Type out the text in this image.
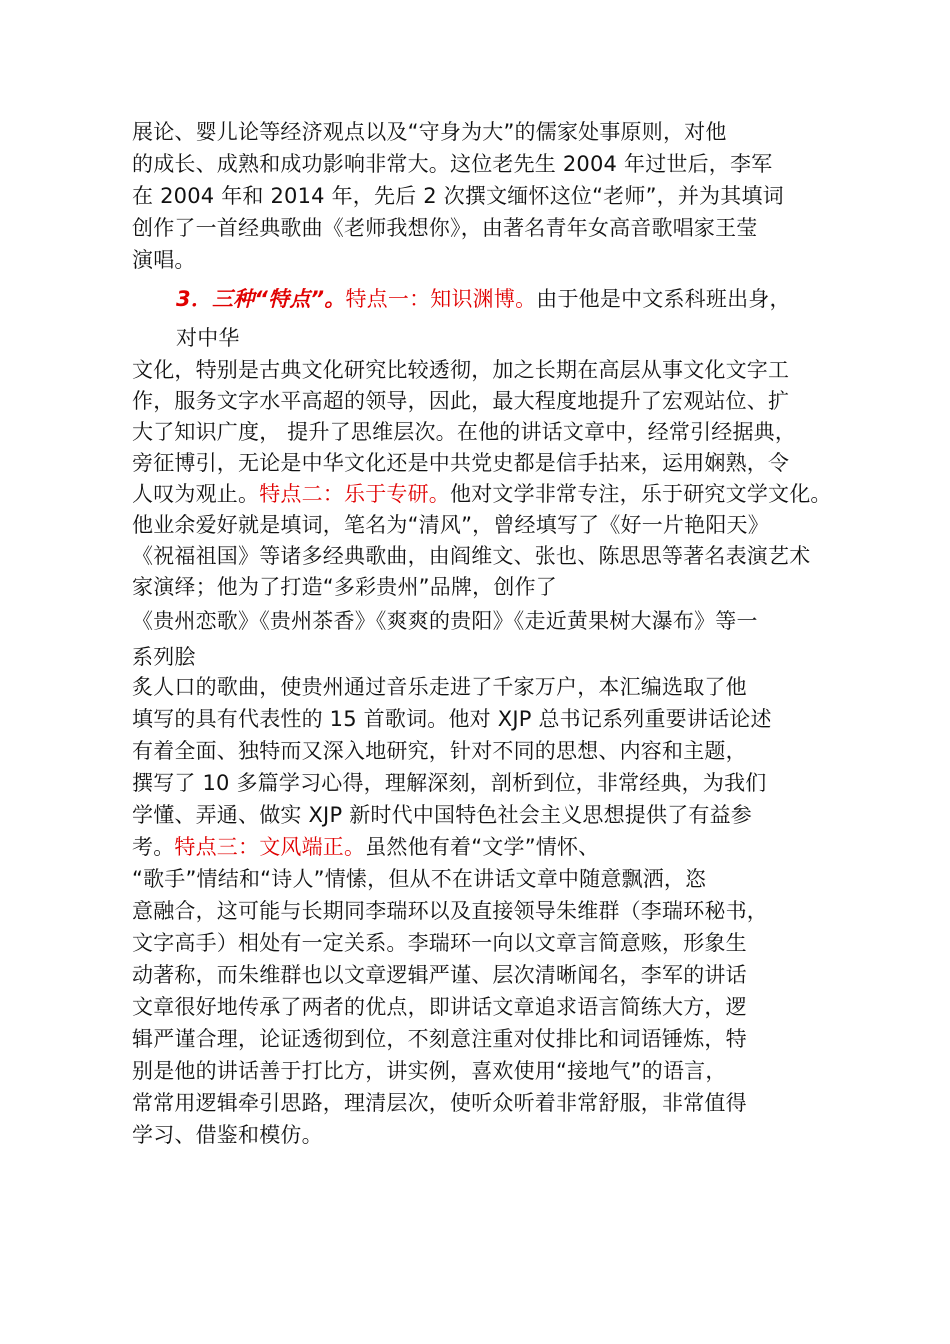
展论、婴儿论等经济观点以及“守身为大”的儒家处事原则，对他
的成长、成熟和成功影响非常大。这位老先生 2004 年过世后，李军
在 2004 年和 2014 年，先后 2 次撰文缅怀这位“老师”，并为其填词
创作了一首经典歌曲《老师我想你》，由著名青年女高音歌唱家王莹
演唱。
3．三种“特点”。特点一：知识渊博。由于他是中文系科班出身，
对中华
文化，特别是古典文化研究比较透彻，加之长期在高层从事文化文字工
作，服务文字水平高超的领导，因此，最大程度地提升了宏观站位、扩
大了知识广度， 提升了思维层次。在他的讲话文章中，经常引经据典，
旁征博引，无论是中华文化还是中共党史都是信手拈来，运用娴熟，令
人叹为观止。特点二：乐于专研。他对文学非常专注，乐于研究文学文化。
他业余爱好就是填词，笔名为“清风”，曾经填写了《好一片艳阳天》
《祝福祖国》等诸多经典歌曲，由阎维文、张也、陈思思等著名表演艺术
家演绎；他为了打造“多彩贵州”品牌，创作了
《贵州恋歌》《贵州茶香》《爽爽的贵阳》《走近黄果树大瀑布》等一
系列脍
炙人口的歌曲，使贵州通过音乐走进了千家万户，本汇编选取了他
填写的具有代表性的 15 首歌词。他对 XJP 总书记系列重要讲话论述
有着全面、独特而又深入地研究，针对不同的思想、内容和主题，
撰写了 10 多篇学习心得，理解深刻，剖析到位，非常经典，为我们
学懂、弄通、做实 XJP 新时代中国特色社会主义思想提供了有益参
考。特点三：文风端正。虽然他有着“文学”情怀、
“歌手”情结和“诗人”情愫，但从不在讲话文章中随意飘洒，恣
意融合，这可能与长期同李瑞环以及直接领导朱维群（李瑞环秘书，
文字高手）相处有一定关系。李瑞环一向以文章言简意赅，形象生
动著称，而朱维群也以文章逻辑严谨、层次清晰闻名，李军的讲话
文章很好地传承了两者的优点，即讲话文章追求语言简练大方，逻
辑严谨合理，论证透彻到位，不刻意注重对仗排比和词语锤炼，特
别是他的讲话善于打比方，讲实例，喜欢使用“接地气”的语言，
常常用逻辑牵引思路，理清层次，使听众听着非常舒服，非常值得
学习、借鉴和模仿。
